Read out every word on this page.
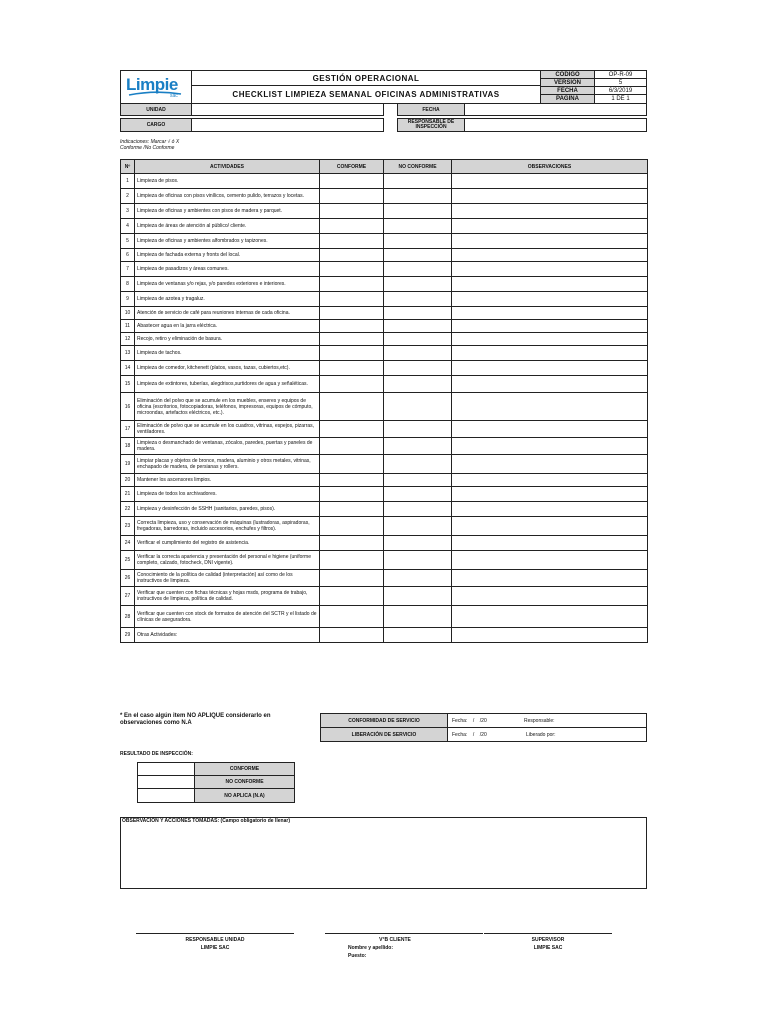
Limpie
sac
GESTIÓN OPERACIONAL
CHECKLIST LIMPIEZA SEMANAL OFICINAS ADMINISTRATIVAS
CÓDIGO	OP-R-09
VERSION	5
FECHA	6/3/2019
PAGINA	1 DE 1
UNIDAD	FECHA
CARGO	RESPONSABLE DE INSPECCIÓN
Indicaciones: Marcar √ ó X
Conforme /No Conforme
Nº	ACTIVIDADES	CONFORME	NO CONFORME	OBSERVACIONES
1	Limpieza de pisos.			
2	Limpieza de oficinas con pisos vinílicos, cemento pulido, terrazos y locetas.			
3	Limpieza de oficinas y ambientes con pisos de madera y parquet.			
4	Limpieza de áreas de atención al público/ cliente.			
5	Limpieza de oficinas y ambientes alfombrados y tapizones.			
6	Limpieza de fachada externa y fronts del local.			
7	Limpieza de pasadizos y áreas comunes.			
8	Limpieza de ventanas y/o rejas, y/o paredes exteriores e interiores.			
9	Limpieza de azotea y tragaluz.			
10	Atención de servicio de café para reuniones internas de cada oficina.			
11	Abastecer agua en la jarra eléctrica.			
12	Recojo, retiro y eliminación de basura.			
13	Limpieza de tachos.			
14	Limpieza de comedor, kitchenett (platos, vasos, tazas, cubiertos,etc).			
15	Limpieza de extintores, tuberías, alegdrisos,surtidores de agua y señaléticas.			
16	Eliminación del polvo que se acumule en los muebles, enseres y equipos de oficina (escritorios, fotocopiadoras, teléfonos, impresoras, equipos de cómputo, microondas, artefactos eléctricos, etc.).			
17	Eliminación de polvo que se acumule en los cuadros, vitrinas, espejos, pizarras, ventiladores.			
18	Limpieza o desmanchado de ventanas, zócalos, paredes, puertas y paneles de madera.			
19	Limpiar placas y objetos de bronce, madera, aluminio y otros metales, vitrinas, enchapado de madera, de persianas y rollers.			
20	Mantener los ascensores limpios.			
21	Limpieza de todos los archivadores.			
22	Limpieza y desinfección de SSHH (sanitarios, paredes, pisos).			
23	Correcta limpieza, uso y conservación de máquinas (lustradoras, aspiradoras, fregadoras, barredoras, incluido accesorios, enchufes y filtros).			
24	Verificar el cumplimiento del registro de asistencia.			
25	Verificar la correcta apariencia y presentación del personal e higiene (uniforme completo, calzado, fotocheck, DNI vigente).			
26	Conocimiento de la política de calidad (interpretación) así como de los instructivos de limpieza.			
27	Verificar que cuenten con fichas técnicas y hojas msds, programa de trabajo, instructivos de limpieza, política de calidad.			
28	Verificar que cuenten con stock de formatos de atención del SCTR y el listado de clínicas de aseguradora.			
29	Otras Actividades:			
* En el caso algún item NO APLIQUE considerarlo en observaciones como N.A	CONFORMIDAD DE SERVICIO	Fecha:    /    /20	Responsable:
LIBERACIÓN DE SERVICIO	Fecha:    /    /20	Liberado por:
RESULTADO DE INSPECCIÓN:
CONFORME
NO CONFORME
NO APLICA (N.A)
OBSERVACIÓN Y ACCIONES TOMADAS: (Campo obligatorio de llenar)
RESPONSABLE UNIDAD
LIMPIE SAC
V°B CLIENTE
Nombre y apellido:
Puesto:
SUPERVISOR
LIMPIE SAC
